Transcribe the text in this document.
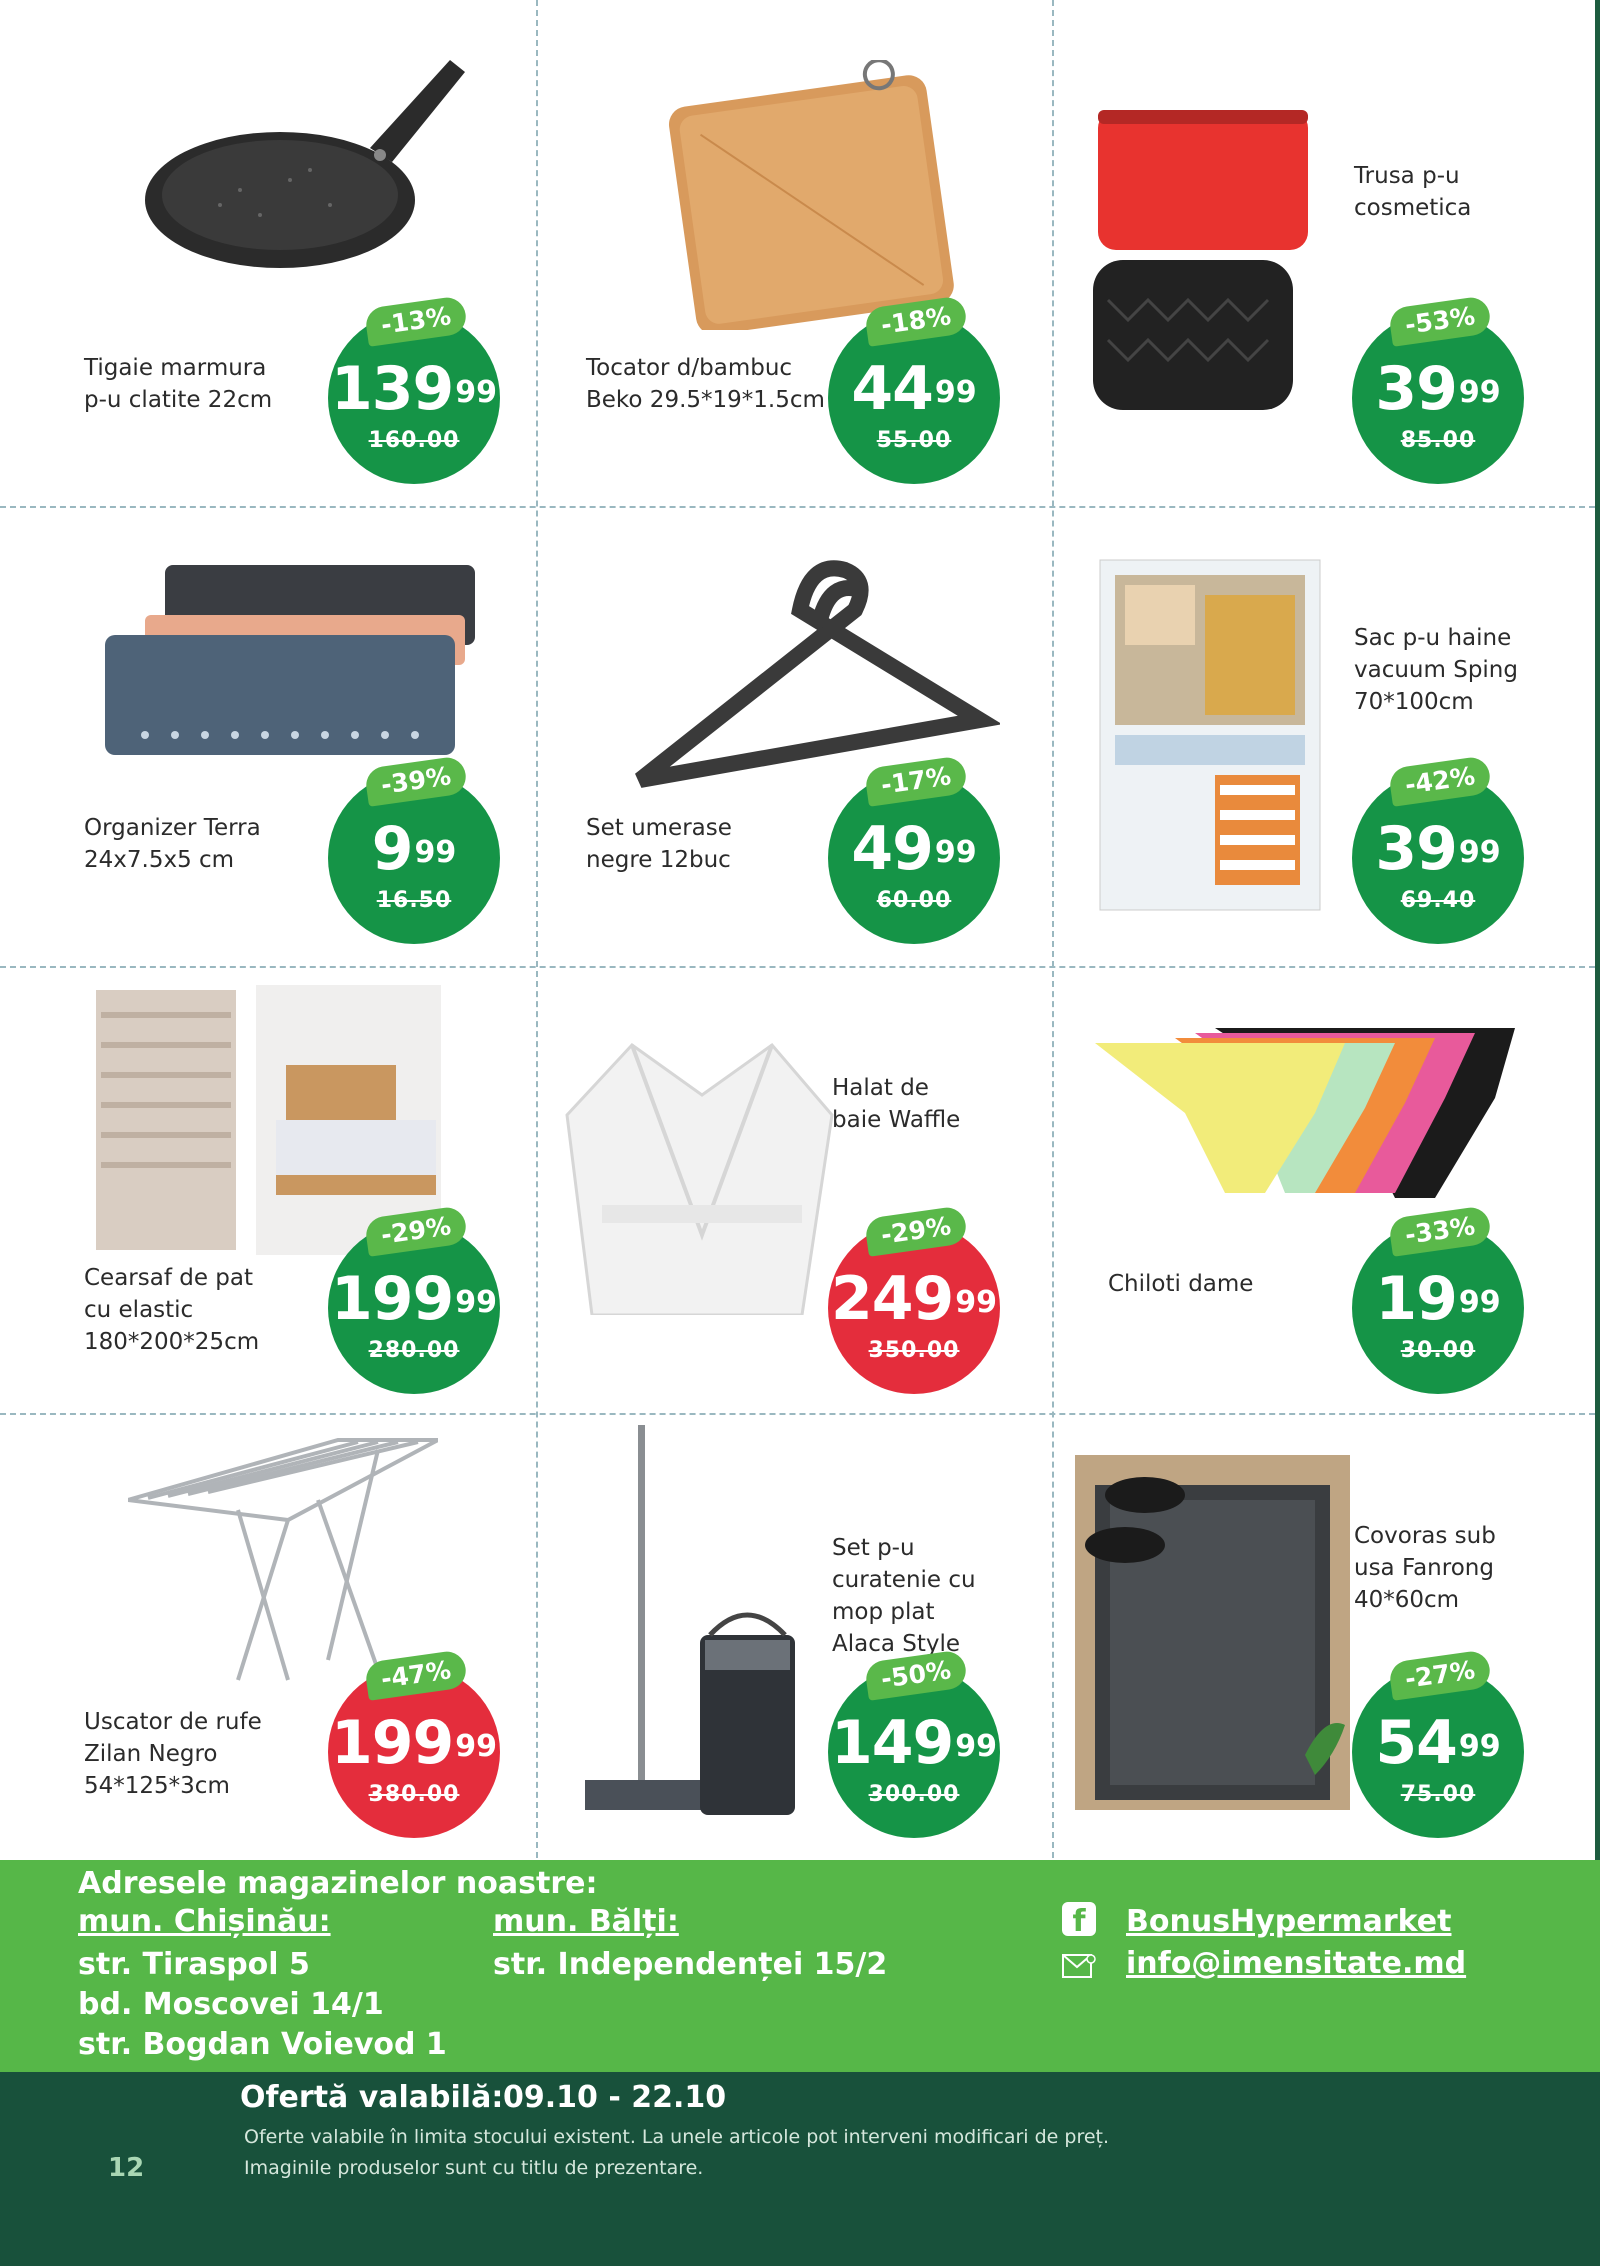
Tigaie marmura
p-u clatite 22cm
-13%
$139^{99}$
160.00
Tocator d/bambuc
Beko 29.5*19*1.5cm
-18%
$44^{99}$
55.00
Trusa p-u
cosmetica
-53%
$39^{99}$
85.00
Organizer Terra
24x7.5x5 cm
-39%
$9^{99}$
16.50
Set umerase
negre 12buc
-17%
$49^{99}$
60.00
Sac p-u haine
vacuum Sping
70*100cm
-42%
$39^{99}$
69.40
Cearsaf de pat
cu elastic
180*200*25cm
-29%
$199^{99}$
280.00
Halat de
baie Waffle
-29%
$249^{99}$
350.00
Chiloti dame
-33%
$19^{99}$
30.00
Uscator de rufe
Zilan Negro
54*125*3cm
-47%
$199^{99}$
380.00
Set p-u
curatenie cu
mop plat
Alaca Style
-50%
$149^{99}$
300.00
Covoras sub
usa Fanrong
40*60cm
-27%
$54^{99}$
75.00
Adresele magazinelor noastre:
mun. Chișinău:
str. Tiraspol 5
bd. Moscovei 14/1
str. Bogdan Voievod 1
mun. Bălți:
str. Independenței 15/2
f	BonusHypermarket
info@imensitate.md
Ofertă valabilă: 09.10 - 22.10
Oferte valabile în limita stocului existent. La unele articole pot interveni modificari de preț.
Imaginile produselor sunt cu titlu de prezentare.
12
